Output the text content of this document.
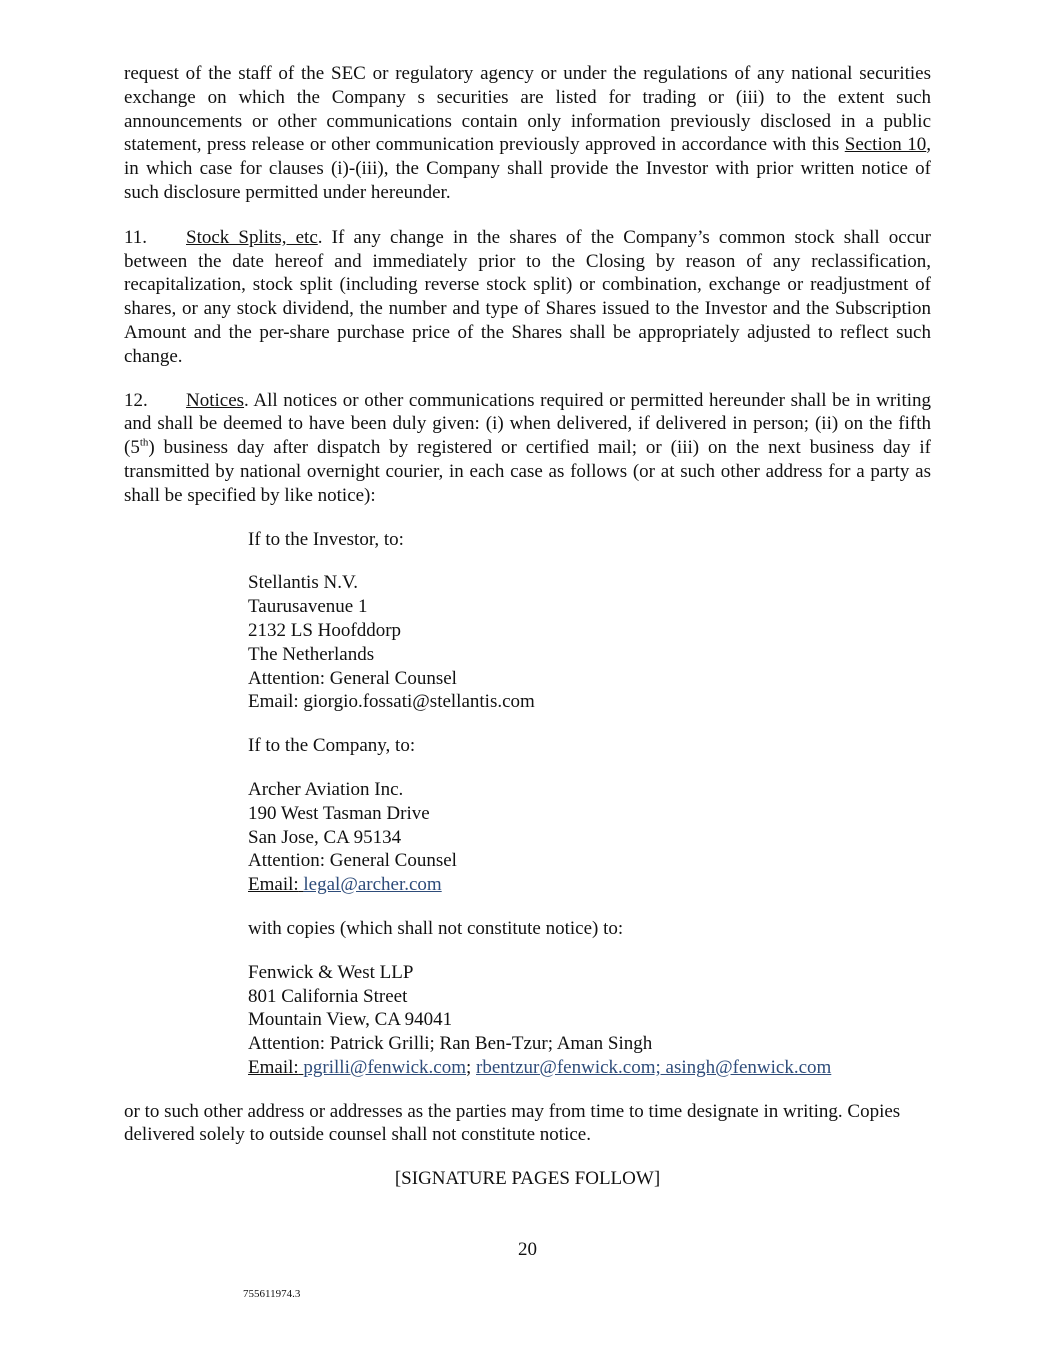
request of the staff of the SEC or regulatory agency or under the regulations of any national securities exchange on which the Company s securities are listed for trading or (iii) to the extent such announcements or other communications contain only information previously disclosed in a public statement, press release or other communication previously approved in accordance with this Section 10, in which case for clauses (i)-(iii), the Company shall provide the Investor with prior written notice of such disclosure permitted under hereunder.

11. Stock Splits, etc. If any change in the shares of the Company’s common stock shall occur between the date hereof and immediately prior to the Closing by reason of any reclassification, recapitalization, stock split (including reverse stock split) or combination, exchange or readjustment of shares, or any stock dividend, the number and type of Shares issued to the Investor and the Subscription Amount and the per-share purchase price of the Shares shall be appropriately adjusted to reflect such change.

12. Notices. All notices or other communications required or permitted hereunder shall be in writing and shall be deemed to have been duly given: (i) when delivered, if delivered in person; (ii) on the fifth (5th) business day after dispatch by registered or certified mail; or (iii) on the next business day if transmitted by national overnight courier, in each case as follows (or at such other address for a party as shall be specified by like notice):

If to the Investor, to:
Stellantis N.V.
Taurusavenue 1
2132 LS Hoofddorp
The Netherlands
Attention: General Counsel
Email: giorgio.fossati@stellantis.com
If to the Company, to:
Archer Aviation Inc.
190 West Tasman Drive
San Jose, CA 95134
Attention: General Counsel
Email: legal@archer.com
with copies (which shall not constitute notice) to:
Fenwick & West LLP
801 California Street
Mountain View, CA 94041
Attention: Patrick Grilli; Ran Ben-Tzur; Aman Singh
Email: pgrilli@fenwick.com; rbentzur@fenwick.com; asingh@fenwick.com

or to such other address or addresses as the parties may from time to time designate in writing. Copies delivered solely to outside counsel shall not constitute notice.

[SIGNATURE PAGES FOLLOW]

20
755611974.3
